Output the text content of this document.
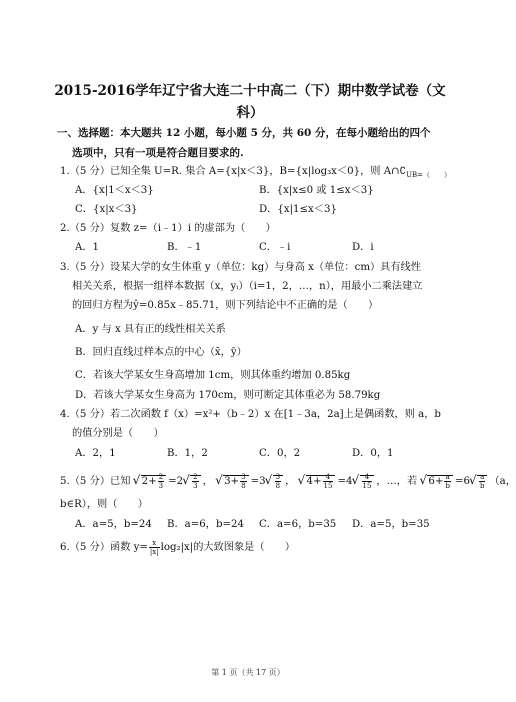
2015-2016学年辽宁省大连二十中高二（下）期中数学试卷（文
科）
一、选择题：本大题共 12 小题，每小题 5 分，共 60 分，在每小题给出的四个
选项中，只有一项是符合题目要求的.
1.（5 分）已知全集 U=R. 集合 A={x|x＜3}，B={x|log₃x＜0}，则 $A\cap∁_{UB=( )}$
A．{x|1＜x＜3}	B．{x|x≤0 或 1≤x＜3}
C．{x|x＜3}	D．{x|1≤x＜3}
2.（5 分）复数 z=（i﹣1）i 的虚部为（　　）
A．1	B．﹣1	C．﹣i	D．i
3.（5 分）设某大学的女生体重 y（单位：kg）与身高 x（单位：cm）具有线性
相关关系，根据一组样本数据（x，yᵢ）（i=1，2，…，n），用最小二乘法建立
的回归方程为ŷ=0.85x﹣85.71，则下列结论中不正确的是（　　）
A．y 与 x 具有正的线性相关关系
B．回归直线过样本点的中心（x̄，ȳ）
C．若该大学某女生身高增加 1cm，则其体重约增加 0.85kg
D．若该大学某女生身高为 170cm，则可断定其体重必为 58.79kg
4.（5 分）若二次函数 f（x）=x²+（b﹣2）x 在[1﹣3a，2a]上是偶函数，则 a，b
的值分别是（　　）
A．2，1	B．1，2	C．0，2	D．0，1
5.（5 分）已知 √ $2+ \frac{2}{3} =2$ √ $\frac{2}{3}$ ， √ $3+ \frac{3}{8} =3$ √ $\frac{3}{8}$ ， √ $4+ \frac{4}{15} =4$ √ $\frac{4}{15}$ ，…，若 √ $6+ \frac{a}{b} =6$ √ $\frac{a}{b} (a$，
b∈R），则（　　）
A．a=5，b=24 B．a=6，b=24 C．a=6，b=35 D．a=5，b=35
6.（5 分）函数 $y= \frac{x}{|x|} \log_2|x|$的大致图象是（　　）
第 1 页（共 17 页）
